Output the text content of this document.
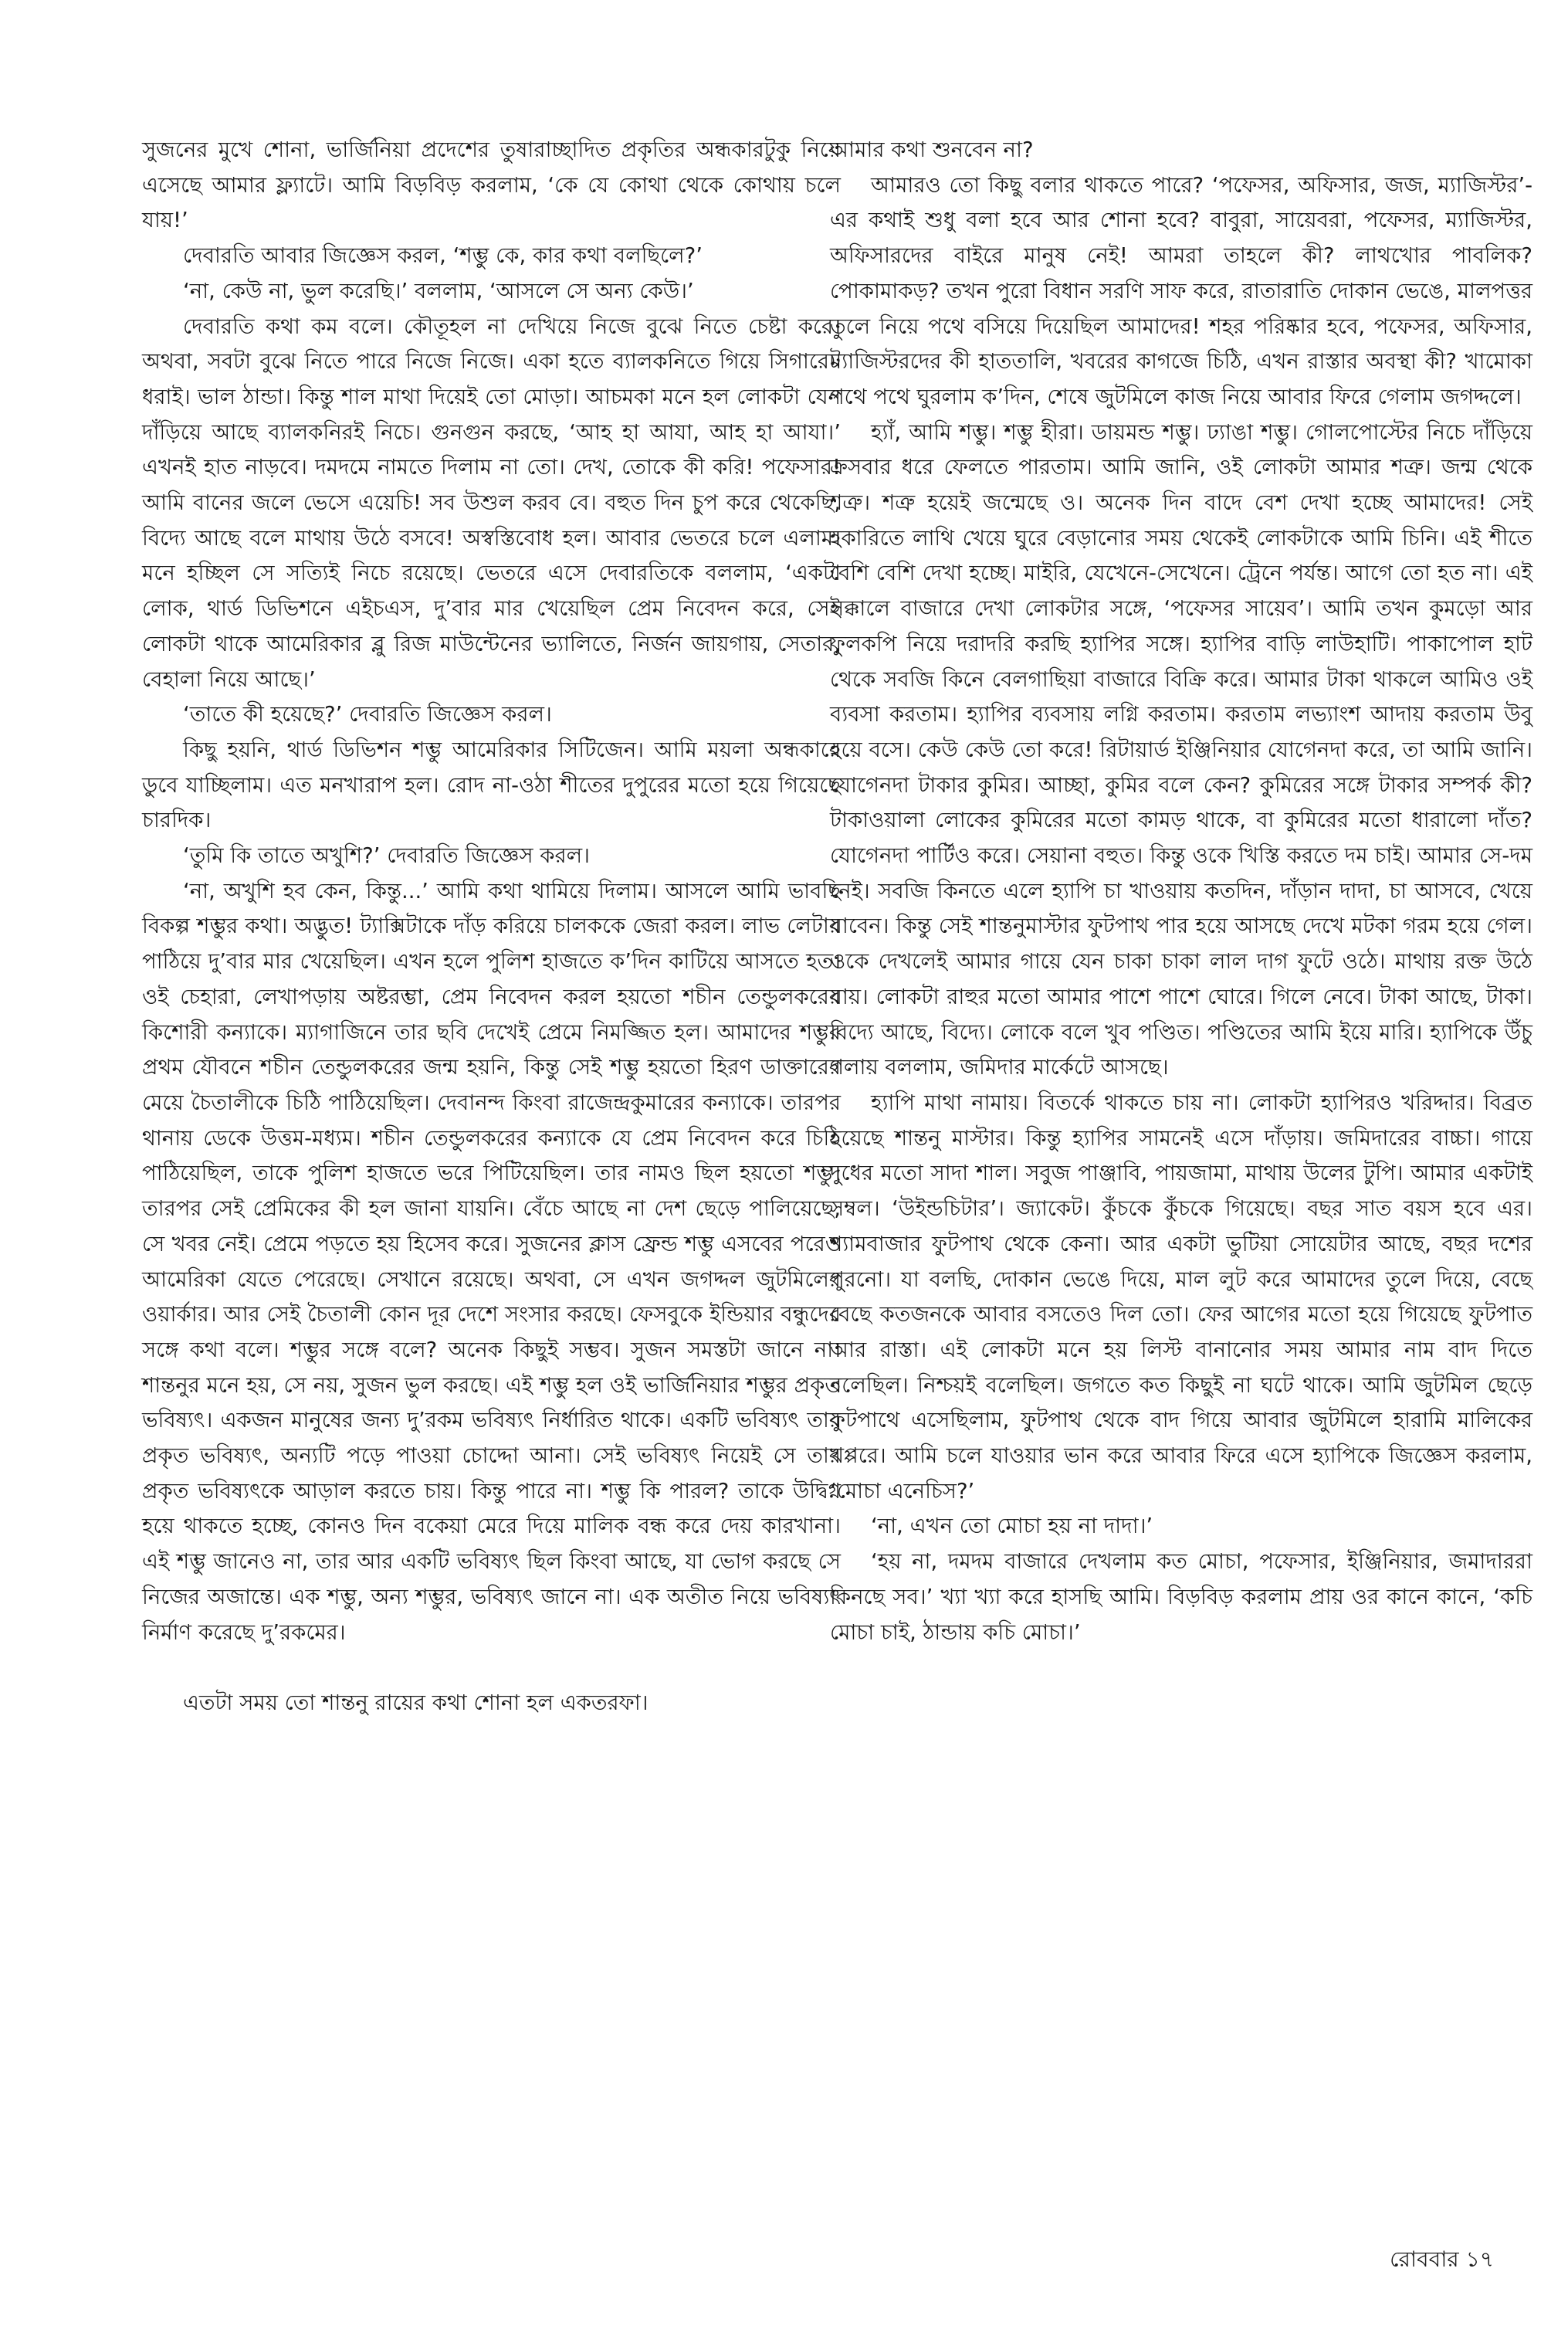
সুজনের মুখে শোনা, ভার্জিনিয়া প্রদেশের তুষারাচ্ছাদিত প্রকৃতির অন্ধকারটুকু নিয়ে এসেছে আমার ফ্ল্যাটে। আমি বিড়বিড় করলাম, ‘কে যে কোথা থেকে কোথায় চলে যায়!’

দেবারতি আবার জিজ্ঞেস করল, ‘শম্ভু কে, কার কথা বলছিলে?’

‘না, কেউ না, ভুল করেছি।’ বললাম, ‘আসলে সে অন্য কেউ।’

দেবারতি কথা কম বলে। কৌতূহল না দেখিয়ে নিজে বুঝে নিতে চেষ্টা করে। অথবা, সবটা বুঝে নিতে পারে নিজে নিজে। একা হতে ব্যালকনিতে গিয়ে সিগারেট ধরাই। ভাল ঠান্ডা। কিন্তু শাল মাথা দিয়েই তো মোড়া। আচমকা মনে হল লোকটা যেন দাঁড়িয়ে আছে ব্যালকনিরই নিচে। গুনগুন করছে, ‘আহ হা আযা, আহ হা আযা।’ এখনই হাত নাড়বে। দমদমে নামতে দিলাম না তো। দেখ, তোকে কী করি! পফেসার! আমি বানের জলে ভেসে এয়েচি! সব উশুল করব বে। বহুত দিন চুপ করে থেকেছি, বিদ্যে আছে বলে মাথায় উঠে বসবে! অস্বস্তিবোধ হল। আবার ভেতরে চলে এলাম। মনে হচ্ছিল সে সত্যিই নিচে রয়েছে। ভেতরে এসে দেবারতিকে বললাম, ‘একটা লোক, থার্ড ডিভিশনে এইচএস, দু’বার মার খেয়েছিল প্রেম নিবেদন করে, সেই লোকটা থাকে আমেরিকার ব্লু রিজ মাউন্টেনের ভ্যালিতে, নির্জন জায়গায়, সেতার, বেহালা নিয়ে আছে।’

‘তাতে কী হয়েছে?’ দেবারতি জিজ্ঞেস করল।

কিছু হয়নি, থার্ড ডিভিশন শম্ভু আমেরিকার সিটিজেন। আমি ময়লা অন্ধকারে ডুবে যাচ্ছিলাম। এত মনখারাপ হল। রোদ না-ওঠা শীতের দুপুরের মতো হয়ে গিয়েছে চারদিক।

‘তুমি কি তাতে অখুশি?’ দেবারতি জিজ্ঞেস করল।

‘না, অখুশি হব কেন, কিন্তু...’ আমি কথা থামিয়ে দিলাম। আসলে আমি ভাবছি বিকল্প শম্ভুর কথা। অদ্ভুত! ট্যাক্সিটাকে দাঁড় করিয়ে চালককে জেরা করল। লাভ লেটার পাঠিয়ে দু’বার মার খেয়েছিল। এখন হলে পুলিশ হাজতে ক’দিন কাটিয়ে আসতে হত। ওই চেহারা, লেখাপড়ায় অষ্টরম্ভা, প্রেম নিবেদন করল হয়তো শচীন তেন্ডুলকরের কিশোরী কন্যাকে। ম্যাগাজিনে তার ছবি দেখেই প্রেমে নিমজ্জিত হল। আমাদের শম্ভুর প্রথম যৌবনে শচীন তেন্ডুলকরের জন্ম হয়নি, কিন্তু সেই শম্ভু হয়তো হিরণ ডাক্তারের মেয়ে চৈতালীকে চিঠি পাঠিয়েছিল। দেবানন্দ কিংবা রাজেন্দ্রকুমারের কন্যাকে। তারপর থানায় ডেকে উত্তম-মধ্যম। শচীন তেন্ডুলকরের কন্যাকে যে প্রেম নিবেদন করে চিঠি পাঠিয়েছিল, তাকে পুলিশ হাজতে ভরে পিটিয়েছিল। তার নামও ছিল হয়তো শম্ভু। তারপর সেই প্রেমিকের কী হল জানা যায়নি। বেঁচে আছে না দেশ ছেড়ে পালিয়েছে, সে খবর নেই। প্রেমে পড়তে হয় হিসেব করে। সুজনের ক্লাস ফ্রেন্ড শম্ভু এসবের পরেও আমেরিকা যেতে পেরেছে। সেখানে রয়েছে। অথবা, সে এখন জগদ্দল জুটমিলের ওয়ার্কার। আর সেই চৈতালী কোন দূর দেশে সংসার করছে। ফেসবুকে ইন্ডিয়ার বন্ধুদের সঙ্গে কথা বলে। শম্ভুর সঙ্গে বলে? অনেক কিছুই সম্ভব। সুজন সমস্তটা জানে না। শান্তনুর মনে হয়, সে নয়, সুজন ভুল করছে। এই শম্ভু হল ওই ভার্জিনিয়ার শম্ভুর প্রকৃত ভবিষ্যৎ। একজন মানুষের জন্য দু’রকম ভবিষ্যৎ নির্ধারিত থাকে। একটি ভবিষ্যৎ তার প্রকৃত ভবিষ্যৎ, অন্যটি পড়ে পাওয়া চোদ্দো আনা। সেই ভবিষ্যৎ নিয়েই সে তার প্রকৃত ভবিষ্যৎকে আড়াল করতে চায়। কিন্তু পারে না। শম্ভু কি পারল? তাকে উদ্বিগ্ন হয়ে থাকতে হচ্ছে, কোনও দিন বকেয়া মেরে দিয়ে মালিক বন্ধ করে দেয় কারখানা। এই শম্ভু জানেও না, তার আর একটি ভবিষ্যৎ ছিল কিংবা আছে, যা ভোগ করছে সে নিজের অজান্তে। এক শম্ভু, অন্য শম্ভুর, ভবিষ্যৎ জানে না। এক অতীত নিয়ে ভবিষ্যৎ নির্মাণ করেছে দু’রকমের।

এতটা সময় তো শান্তনু রায়ের কথা শোনা হল একতরফা।

আমার কথা শুনবেন না?

আমারও তো কিছু বলার থাকতে পারে? ‘পফেসর, অফিসার, জজ, ম্যাজিস্টর’-এর কথাই শুধু বলা হবে আর শোনা হবে? বাবুরা, সায়েবরা, পফেসর, ম্যাজিস্টর, অফিসারদের বাইরে মানুষ নেই! আমরা তাহলে কী? লাথখোর পাবলিক? পোকামাকড়? তখন পুরো বিধান সরণি সাফ করে, রাতারাতি দোকান ভেঙে, মালপত্তর তুলে নিয়ে পথে বসিয়ে দিয়েছিল আমাদের! শহর পরিষ্কার হবে, পফেসর, অফিসার, ম্যাজিস্টরদের কী হাততালি, খবরের কাগজে চিঠি, এখন রাস্তার অবস্থা কী? খামোকা পথে পথে ঘুরলাম ক’দিন, শেষে জুটমিলে কাজ নিয়ে আবার ফিরে গেলাম জগদ্দলে।

হ্যাঁ, আমি শম্ভু। শম্ভু হীরা। ডায়মন্ড শম্ভু। ঢ্যাঙা শম্ভু। গোলপোস্টের নিচে দাঁড়িয়ে ক্রসবার ধরে ফেলতে পারতাম। আমি জানি, ওই লোকটা আমার শত্রু। জন্ম থেকে শত্রু। শত্রু হয়েই জন্মেছে ও। অনেক দিন বাদে বেশ দেখা হচ্ছে আমাদের! সেই হকারিতে লাথি খেয়ে ঘুরে বেড়ানোর সময় থেকেই লোকটাকে আমি চিনি। এই শীতে বেশি বেশি দেখা হচ্ছে। মাইরি, যেখেনে-সেখেনে। ট্রেনে পর্যন্ত। আগে তো হত না। এই সক্কালে বাজারে দেখা লোকটার সঙ্গে, ‘পফেসর সায়েব’। আমি তখন কুমড়ো আর ফুলকপি নিয়ে দরাদরি করছি হ্যাপির সঙ্গে। হ্যাপির বাড়ি লাউহাটি। পাকাপোল হাট থেকে সবজি কিনে বেলগাছিয়া বাজারে বিক্রি করে। আমার টাকা থাকলে আমিও ওই ব্যবসা করতাম। হ্যাপির ব্যবসায় লগ্নি করতাম। করতাম লভ্যাংশ আদায় করতাম উবু হয়ে বসে। কেউ কেউ তো করে! রিটায়ার্ড ইঞ্জিনিয়ার যোগেনদা করে, তা আমি জানি। যোগেনদা টাকার কুমির। আচ্ছা, কুমির বলে কেন? কুমিরের সঙ্গে টাকার সম্পর্ক কী? টাকাওয়ালা লোকের কুমিরের মতো কামড় থাকে, বা কুমিরের মতো ধারালো দাঁত? যোগেনদা পার্টিও করে। সেয়ানা বহুত। কিন্তু ওকে খিস্তি করতে দম চাই। আমার সে-দম নেই। সবজি কিনতে এলে হ্যাপি চা খাওয়ায় কতদিন, দাঁড়ান দাদা, চা আসবে, খেয়ে যাবেন। কিন্তু সেই শান্তনুমাস্টার ফুটপাথ পার হয়ে আসছে দেখে মটকা গরম হয়ে গেল। ওকে দেখলেই আমার গায়ে যেন চাকা চাকা লাল দাগ ফুটে ওঠে। মাথায় রক্ত উঠে যায়। লোকটা রাহুর মতো আমার পাশে পাশে ঘোরে। গিলে নেবে। টাকা আছে, টাকা। বিদ্যে আছে, বিদ্যে। লোকে বলে খুব পণ্ডিত। পণ্ডিতের আমি ইয়ে মারি। হ্যাপিকে উঁচু গলায় বললাম, জমিদার মার্কেটে আসছে।

হ্যাপি মাথা নামায়। বিতর্কে থাকতে চায় না। লোকটা হ্যাপিরও খরিদ্দার। বিব্রত হয়েছে শান্তনু মাস্টার। কিন্তু হ্যাপির সামনেই এসে দাঁড়ায়। জমিদারের বাচ্চা। গায়ে দুধের মতো সাদা শাল। সবুজ পাঞ্জাবি, পায়জামা, মাথায় উলের টুপি। আমার একটাই সম্বল। ‘উইন্ডচিটার’। জ্যাকেট। কুঁচকে কুঁচকে গিয়েছে। বছর সাত বয়স হবে এর। শ্যামবাজার ফুটপাথ থেকে কেনা। আর একটা ভুটিয়া সোয়েটার আছে, বছর দশের পুরনো। যা বলছি, দোকান ভেঙে দিয়ে, মাল লুট করে আমাদের তুলে দিয়ে, বেছে বেছে কতজনকে আবার বসতেও দিল তো। ফের আগের মতো হয়ে গিয়েছে ফুটপাত আর রাস্তা। এই লোকটা মনে হয় লিস্ট বানানোর সময় আমার নাম বাদ দিতে বলেছিল। নিশ্চয়ই বলেছিল। জগতে কত কিছুই না ঘটে থাকে। আমি জুটমিল ছেড়ে ফুটপাথে এসেছিলাম, ফুটপাথ থেকে বাদ গিয়ে আবার জুটমিলে হারামি মালিকের খপ্পরে। আমি চলে যাওয়ার ভান করে আবার ফিরে এসে হ্যাপিকে জিজ্ঞেস করলাম, ‘মোচা এনেচিস?’

‘না, এখন তো মোচা হয় না দাদা।’

‘হয় না, দমদম বাজারে দেখলাম কত মোচা, পফেসার, ইঞ্জিনিয়ার, জমাদাররা কিনছে সব।’ খ্যা খ্যা করে হাসছি আমি। বিড়বিড় করলাম প্রায় ওর কানে কানে, ‘কচি মোচা চাই, ঠান্ডায় কচি মোচা।’

রোববার ১৭
